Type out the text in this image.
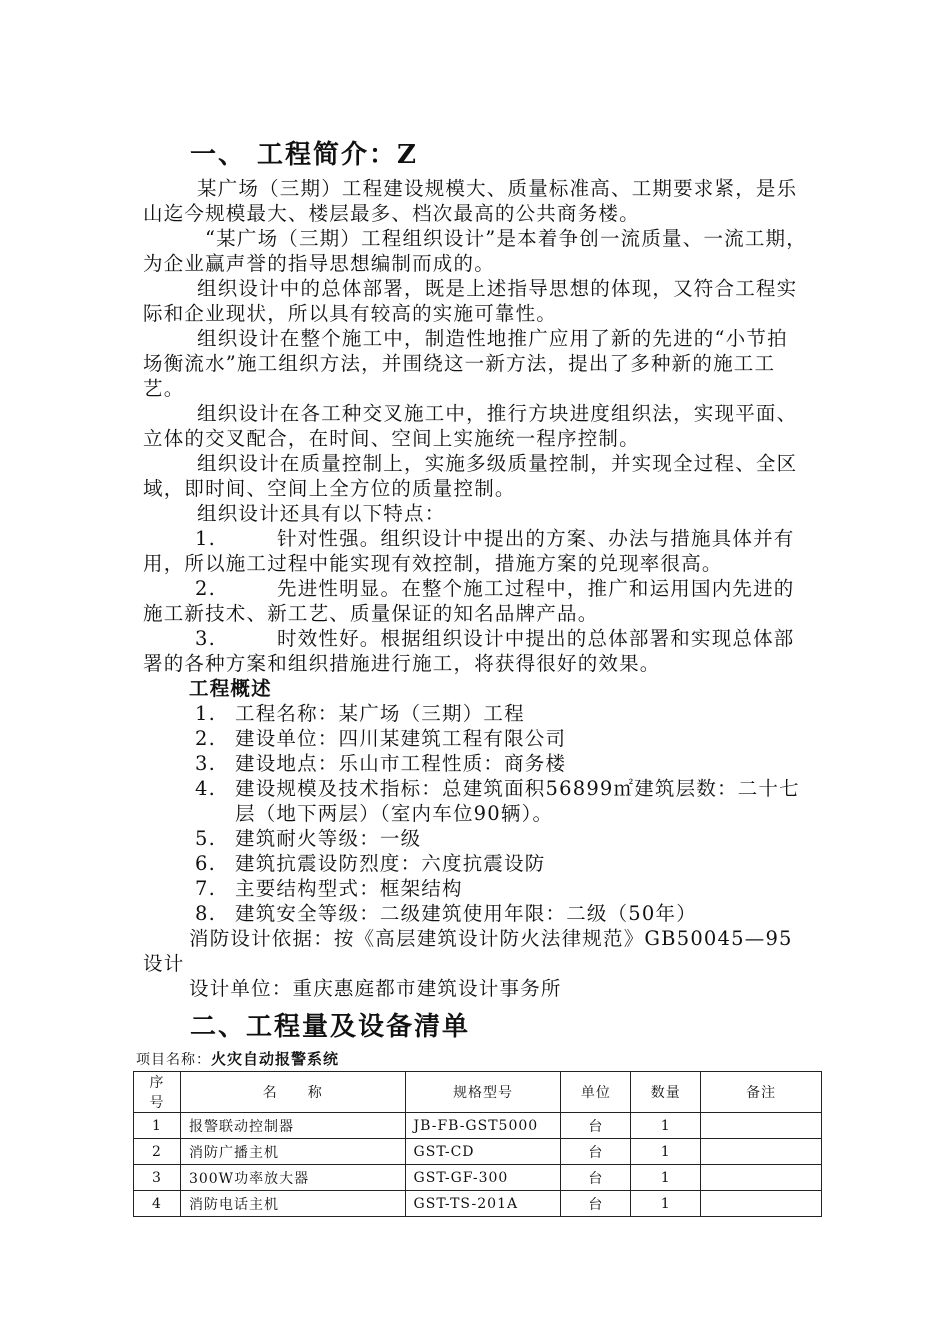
一、 工程简介：Z

某广场（三期）工程建设规模大、质量标准高、工期要求紧，是乐山迄今规模最大、楼层最多、档次最高的公共商务楼。

“某广场（三期）工程组织设计”是本着争创一流质量、一流工期，为企业赢声誉的指导思想编制而成的。

组织设计中的总体部署，既是上述指导思想的体现，又符合工程实际和企业现状，所以具有较高的实施可靠性。

组织设计在整个施工中，制造性地推广应用了新的先进的“小节拍场衡流水”施工组织方法，并围绕这一新方法，提出了多种新的施工工艺。

组织设计在各工种交叉施工中，推行方块进度组织法，实现平面、立体的交叉配合，在时间、空间上实施统一程序控制。

组织设计在质量控制上，实施多级质量控制，并实现全过程、全区域，即时间、空间上全方位的质量控制。

组织设计还具有以下特点：

1.	针对性强。组织设计中提出的方案、办法与措施具体并有用，所以施工过程中能实现有效控制，措施方案的兑现率很高。

2.	先进性明显。在整个施工过程中，推广和运用国内先进的施工新技术、新工艺、质量保证的知名品牌产品。

3.	时效性好。根据组织设计中提出的总体部署和实现总体部署的各种方案和组织措施进行施工，将获得很好的效果。

工程概述

1. 工程名称：某广场（三期）工程

2. 建设单位：四川某建筑工程有限公司

3. 建设地点：乐山市工程性质：商务楼

4. 建设规模及技术指标：总建筑面积56899㎡建筑层数：二十七层（地下两层）（室内车位90辆）。

5. 建筑耐火等级：一级

6. 建筑抗震设防烈度：六度抗震设防

7. 主要结构型式：框架结构

8. 建筑安全等级：二级建筑使用年限：二级（50年）

消防设计依据：按《高层建筑设计防火法律规范》GB50045—95设计

设计单位：重庆惠庭都市建筑设计事务所

二、工程量及设备清单
项目名称：火灾自动报警系统
序号	名　　称	规格型号	单位	数量	备注
1	报警联动控制器	JB-FB-GST5000	台	1	
2	消防广播主机	GST-CD	台	1	
3	300W功率放大器	GST-GF-300	台	1	
4	消防电话主机	GST-TS-201A	台	1	
